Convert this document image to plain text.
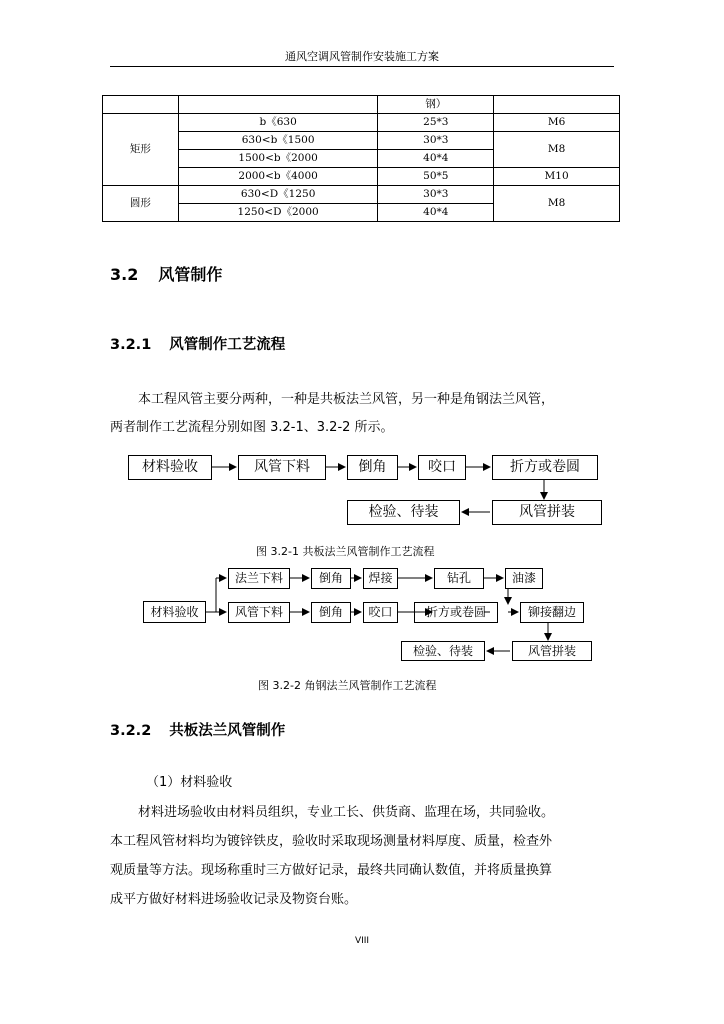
通风空调风管制作安装施工方案
		钢）	
矩形	b《630	25*3	M6
	630<b《1500	30*3	M8
	1500<b《2000	40*4	
	2000<b《4000	50*5	M10
圆形	630<D《1250	30*3	M8
	1250<D《2000	40*4	
3.2 风管制作
3.2.1 风管制作工艺流程
本工程风管主要分两种，一种是共板法兰风管，另一种是角钢法兰风管，
两者制作工艺流程分别如图 3.2-1、3.2-2 所示。
材料验收	风管下料	倒角	咬口	折方或卷圆
检验、待装	风管拼装
图 3.2-1 共板法兰风管制作工艺流程
材料验收
法兰下料	倒角	焊接	钻孔	油漆
风管下料	倒角	咬口	折方或卷圆	铆接翻边
检验、待装	风管拼装
图 3.2-2 角钢法兰风管制作工艺流程
3.2.2 共板法兰风管制作
（1）材料验收
材料进场验收由材料员组织，专业工长、供货商、监理在场，共同验收。
本工程风管材料均为镀锌铁皮，验收时采取现场测量材料厚度、质量，检查外
观质量等方法。现场称重时三方做好记录，最终共同确认数值，并将质量换算
成平方做好材料进场验收记录及物资台账。
VIII
